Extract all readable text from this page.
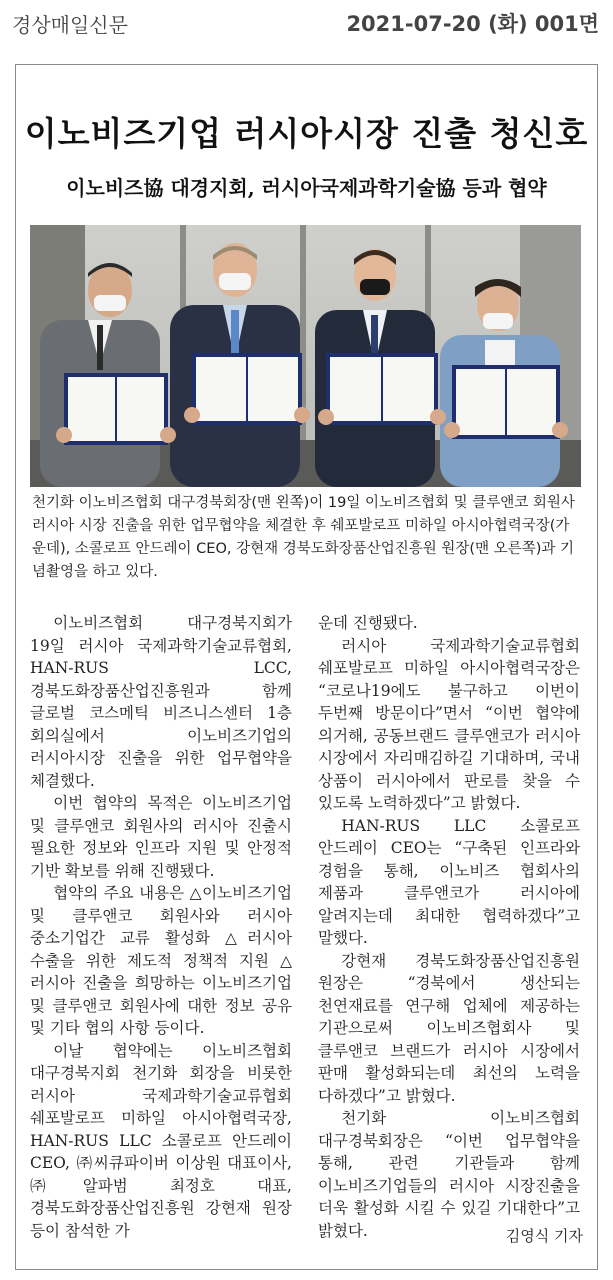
경상매일신문	2021-07-20 (화) 001면
이노비즈기업 러시아시장 진출 청신호
이노비즈協 대경지회, 러시아국제과학기술協 등과 협약
천기화 이노비즈협회 대구경북회장(맨 왼쪽)이 19일 이노비즈협회 및 클루앤코 회원사 러시아 시장 진출을 위한 업무협약을 체결한 후 쉐포발로프 미하일 아시아협력국장(가운데), 소콜로프 안드레이 CEO, 강현재 경북도화장품산업진흥원 원장(맨 오른쪽)과 기념촬영을 하고 있다.

이노비즈협회 대구경북지회가 19일 러시아 국제과학기술교류협회, HAN-RUS LCC, 경북도화장품산업진흥원과 함께 글로벌 코스메틱 비즈니스센터 1층 회의실에서 이노비즈기업의 러시아시장 진출을 위한 업무협약을 체결했다.

이번 협약의 목적은 이노비즈기업 및 클루앤코 회원사의 러시아 진출시 필요한 정보와 인프라 지원 및 안정적 기반 확보를 위해 진행됐다.

협약의 주요 내용은 △이노비즈기업 및 클루앤코 회원사와 러시아 중소기업간 교류 활성화 △러시아 수출을 위한 제도적 정책적 지원 △러시아 진출을 희망하는 이노비즈기업 및 클루앤코 회원사에 대한 정보 공유 및 기타 협의 사항 등이다.

이날 협약에는 이노비즈협회 대구경북지회 천기화 회장을 비롯한 러시아 국제과학기술교류협회 쉐포발로프 미하일 아시아협력국장, HAN-RUS LLC 소콜로프 안드레이 CEO, ㈜씨큐파이버 이상원 대표이사, ㈜알파범 최정호 대표, 경북도화장품산업진흥원 강현재 원장 등이 참석한 가

운데 진행됐다.

러시아 국제과학기술교류협회 쉐포발로프 미하일 아시아협력국장은 “코로나19에도 불구하고 이번이 두번째 방문이다”면서 “이번 협약에 의거해, 공동브랜드 클루앤코가 러시아 시장에서 자리매김하길 기대하며, 국내 상품이 러시아에서 판로를 찾을 수 있도록 노력하겠다”고 밝혔다.

HAN-RUS LLC 소콜로프 안드레이 CEO는 “구축된 인프라와 경험을 통해, 이노비즈 협회사의 제품과 클루앤코가 러시아에 알려지는데 최대한 협력하겠다”고 말했다.

강현재 경북도화장품산업진흥원 원장은 “경북에서 생산되는 천연재료를 연구해 업체에 제공하는 기관으로써 이노비즈협회사 및 클루앤코 브랜드가 러시아 시장에서 판매 활성화되는데 최선의 노력을 다하겠다”고 밝혔다.

천기화 이노비즈협회 대구경북회장은 “이번 업무협약을 통해, 관련 기관들과 함께 이노비즈기업들의 러시아 시장진출을 더욱 활성화 시킬 수 있길 기대한다”고 밝혔다.	김영식 기자
